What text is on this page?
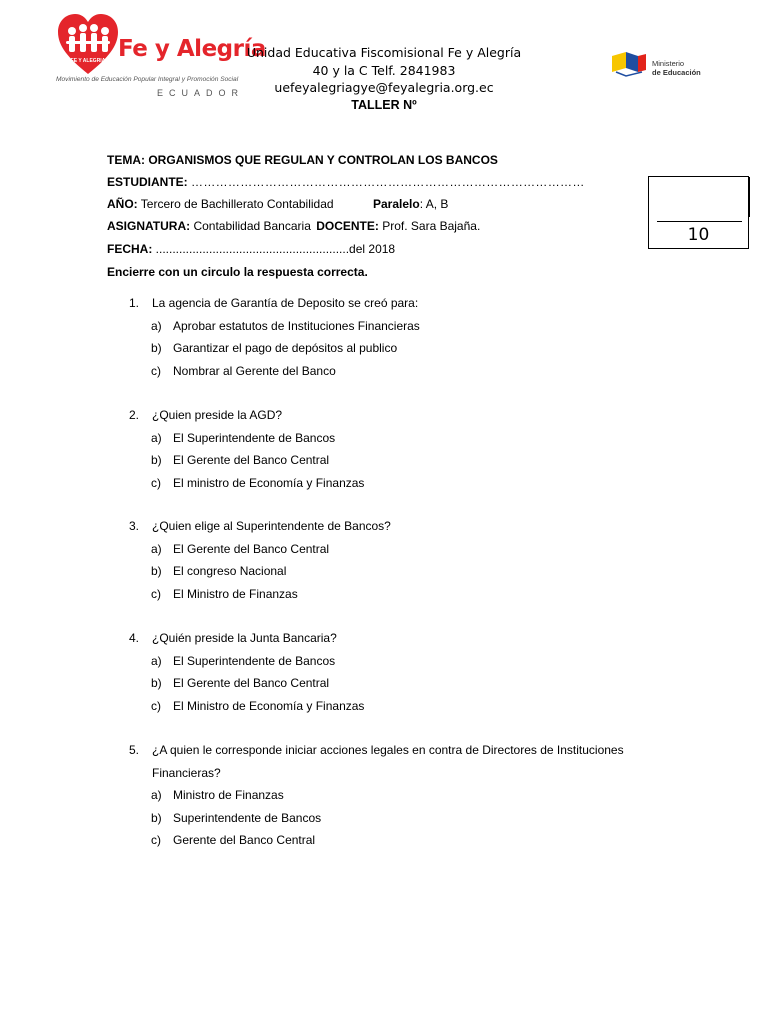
FE Y ALEGRIA Fe y Alegría
Movimiento de Educación Popular Integral y Promoción Social
ECUADOR
Unidad Educativa Fiscomisional Fe y Alegría
40 y la C Telf. 2841983
uefeyalegriagye@feyalegria.org.ec
TALLER Nº
Ministerio
de Educación
TEMA: ORGANISMOS QUE REGULAN Y CONTROLAN LOS BANCOS
ESTUDIANTE: ……………………………………………………………………………………
AÑO: Tercero de Bachillerato Contabilidad	Paralelo: A, B
ASIGNATURA: Contabilidad Bancaria DOCENTE: Prof. Sara Bajaña.
FECHA: ..........................................................del 2018
Encierre con un circulo la respuesta correcta.
10
1. La agencia de Garantía de Deposito se creó para:
a) Aprobar estatutos de Instituciones Financieras
b) Garantizar el pago de depósitos al publico
c) Nombrar al Gerente del Banco
2. ¿Quien preside la AGD?
a) El Superintendente de Bancos
b) El Gerente del Banco Central
c) El ministro de Economía y Finanzas
3. ¿Quien elige al Superintendente de Bancos?
a) El Gerente del Banco Central
b) El congreso Nacional
c) El Ministro de Finanzas
4. ¿Quién preside la Junta Bancaria?
a) El Superintendente de Bancos
b) El Gerente del Banco Central
c) El Ministro de Economía y Finanzas
5. ¿A quien le corresponde iniciar acciones legales en contra de Directores de Instituciones
Financieras?
a) Ministro de Finanzas
b) Superintendente de Bancos
c) Gerente del Banco Central
